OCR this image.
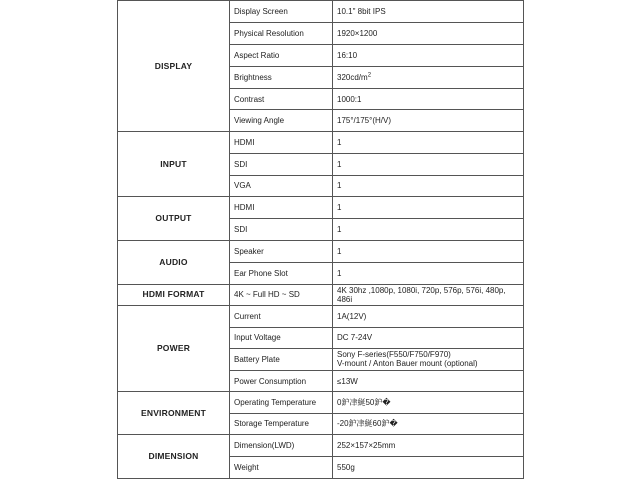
DISPLAY	Display Screen	10.1" 8bit IPS
	Physical Resolution	1920×1200
	Aspect Ratio	16:10
	Brightness	$320cd/m^2$
	Contrast	1000:1
	Viewing Angle	175°/175°(H/V)
INPUT	HDMI	1
	SDI	1
	VGA	1
OUTPUT	HDMI	1
	SDI	1
AUDIO	Speaker	1
	Ear Phone Slot	1
HDMI FORMAT	4K ~ Full HD ~ SD	4K 30hz ,1080p, 1080i, 720p, 576p, 576i, 480p, 486i
POWER	Current	1A(12V)
	Input Voltage	DC 7-24V
	Battery Plate	Sony F-series(F550/F750/F970)
V-mount / Anton Bauer mount (optional)
	Power Consumption	≤13W
ENVIRONMENT	Operating Temperature	0鈩冿綖50鈩�
	Storage Temperature	-20鈩冿綖60鈩�
DIMENSION	Dimension(LWD)	252×157×25mm
	Weight	550g
